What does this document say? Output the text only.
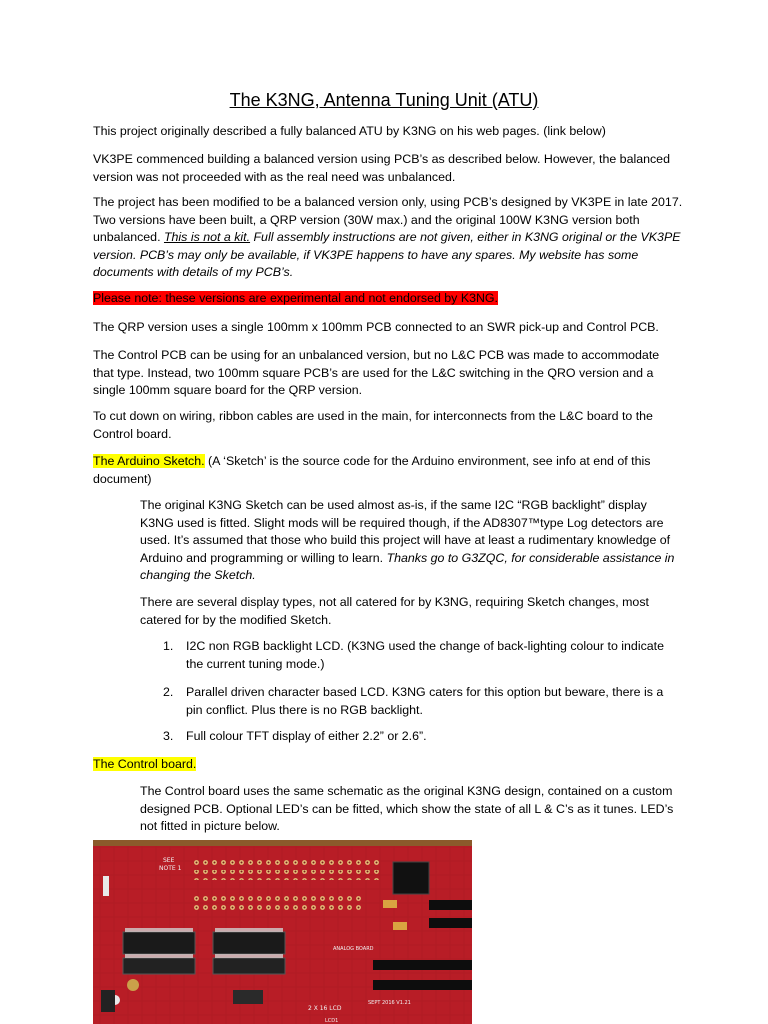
The K3NG, Antenna Tuning Unit (ATU)

This project originally described a fully balanced ATU by K3NG on his web pages. (link below)

VK3PE commenced building a balanced version using PCB’s as described below. However, the balanced version was not proceeded with as the real need was unbalanced.

The project has been modified to be a balanced version only, using PCB’s designed by VK3PE in late 2017. Two versions have been built, a QRP version (30W max.) and the original 100W K3NG version both unbalanced. This is not a kit. Full assembly instructions are not given, either in K3NG original or the VK3PE version. PCB’s may only be available, if VK3PE happens to have any spares. My website has some documents with details of my PCB’s.

Please note: these versions are experimental and not endorsed by K3NG.

The QRP version uses a single 100mm x 100mm PCB connected to an SWR pick-up and Control PCB.

The Control PCB can be using for an unbalanced version, but no L&C PCB was made to accommodate that type. Instead, two 100mm square PCB’s are used for the L&C switching in the QRO version and a single 100mm square board for the QRP version.

To cut down on wiring, ribbon cables are used in the main, for interconnects from the L&C board to the Control board.

The Arduino Sketch. (A ‘Sketch’ is the source code for the Arduino environment, see info at end of this document)

The original K3NG Sketch can be used almost as-is, if the same I2C “RGB backlight” display K3NG used is fitted. Slight mods will be required though, if the AD8307™type Log detectors are used. It’s assumed that those who build this project will have at least a rudimentary knowledge of Arduino and programming or willing to learn. Thanks go to G3ZQC, for considerable assistance in changing the Sketch.

There are several display types, not all catered for by K3NG, requiring Sketch changes, most catered for by the modified Sketch.

1. I2C non RGB backlight LCD. (K3NG used the change of back-lighting colour to indicate the current tuning mode.)

2. Parallel driven character based LCD. K3NG caters for this option but beware, there is a pin conflict. Plus there is no RGB backlight.

3. Full colour TFT display of either 2.2” or 2.6”.

The Control board.

The Control board uses the same schematic as the original K3NG design, contained on a custom designed PCB. Optional LED’s can be fitted, which show the state of all L & C’s as it tunes. LED’s not fitted in picture below.

SEE
NOTE 1
ANALOG BOARD
2 X 16 LCD
SEPT 2016 V1.21
LCD1
